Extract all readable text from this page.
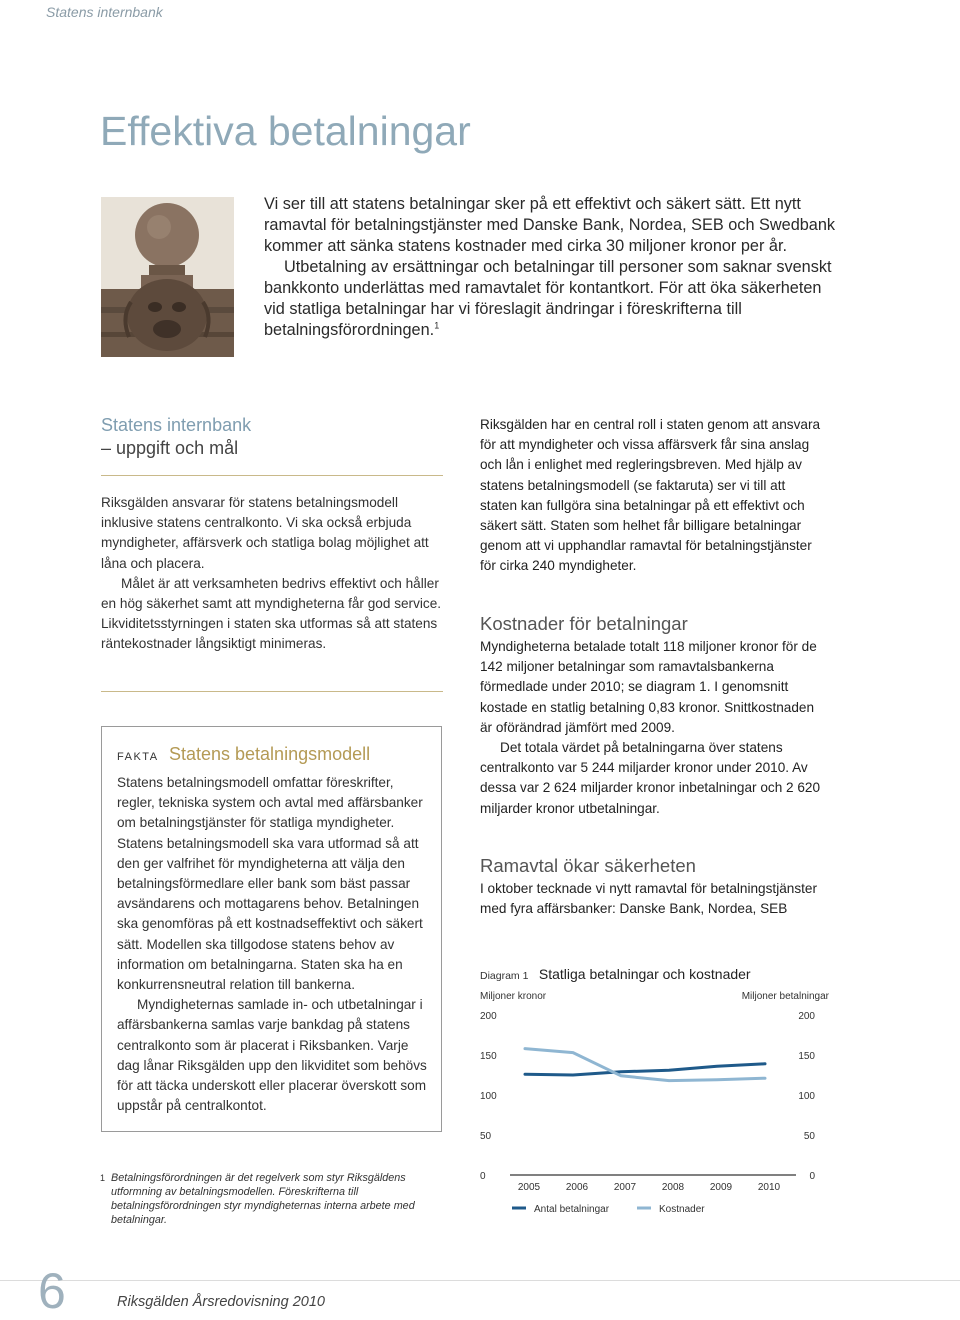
Statens internbank
Effektiva betalningar

Vi ser till att statens betalningar sker på ett effektivt och säkert sätt. Ett nytt ramavtal för betalningstjänster med Danske Bank, Nordea, SEB och Swedbank kommer att sänka statens kostnader med cirka 30 miljoner kronor per år.

Utbetalning av ersättningar och betalningar till personer som saknar svenskt bankkonto underlättas med ramavtalet för kontantkort. För att öka säkerheten vid statliga betalningar har vi föreslagit ändringar i föreskrifterna till betalningsförordningen.$^1$

Statens internbank
– uppgift och mål

Riksgälden ansvarar för statens betalningsmodell inklusive statens centralkonto. Vi ska också erbjuda myndigheter, affärsverk och statliga bolag möjlighet att låna och placera.

Målet är att verksamheten bedrivs effektivt och håller en hög säkerhet samt att myndigheterna får god service. Likviditetsstyrningen i staten ska utformas så att statens räntekostnader långsiktigt minimeras.

FAKTA Statens betalningsmodell

Statens betalningsmodell omfattar föreskrifter, regler, tekniska system och avtal med affärsbanker om betalningstjänster för statliga myndigheter. Statens betalningsmodell ska vara utformad så att den ger valfrihet för myndigheterna att välja den betalningsförmedlare eller bank som bäst passar avsändarens och mottagarens behov. Betalningen ska genomföras på ett kostnadseffektivt och säkert sätt. Modellen ska tillgodose statens behov av information om betalningarna. Staten ska ha en konkurrensneutral relation till bankerna.

Myndigheternas samlade in- och utbetalningar i affärsbankerna samlas varje bankdag på statens centralkonto som är placerat i Riksbanken. Varje dag lånar Riksgälden upp den likviditet som behövs för att täcka underskott eller placerar överskott som uppstår på centralkontot.

Riksgälden har en central roll i staten genom att ansvara för att myndigheter och vissa affärsverk får sina anslag och lån i enlighet med regleringsbreven. Med hjälp av statens betalningsmodell (se faktaruta) ser vi till att staten kan fullgöra sina betalningar på ett effektivt och säkert sätt. Staten som helhet får billigare betalningar genom att vi upphandlar ramavtal för betalningstjänster för cirka 240 myndigheter.

Kostnader för betalningar

Myndigheterna betalade totalt 118 miljoner kronor för de 142 miljoner betalningar som ramavtalsbankerna förmedlade under 2010; se diagram 1. I genomsnitt kostade en statlig betalning 0,83 kronor. Snittkostnaden är oförändrad jämfört med 2009.

Det totala värdet på betalningarna över statens centralkonto var 5 244 miljarder kronor under 2010. Av dessa var 2 624 miljarder kronor inbetalningar och 2 620 miljarder kronor utbetalningar.

Ramavtal ökar säkerheten

I oktober tecknade vi nytt ramavtal för betalningstjänster med fyra affärsbanker: Danske Bank, Nordea, SEB

Diagram 1 Statliga betalningar och kostnader
Miljoner kronor	Miljoner betalningar
0	0
50	50
100	100
150	150
200	200
2005	2006	2007	2008	2009	2010
Antal betalningar	Kostnader
1 Betalningsförordningen är det regelverk som styr Riksgäldens utformning av betalningsmodellen. Föreskrifterna till betalningsförordningen styr myndigheternas interna arbete med betalningar.
6	Riksgälden Årsredovisning 2010
